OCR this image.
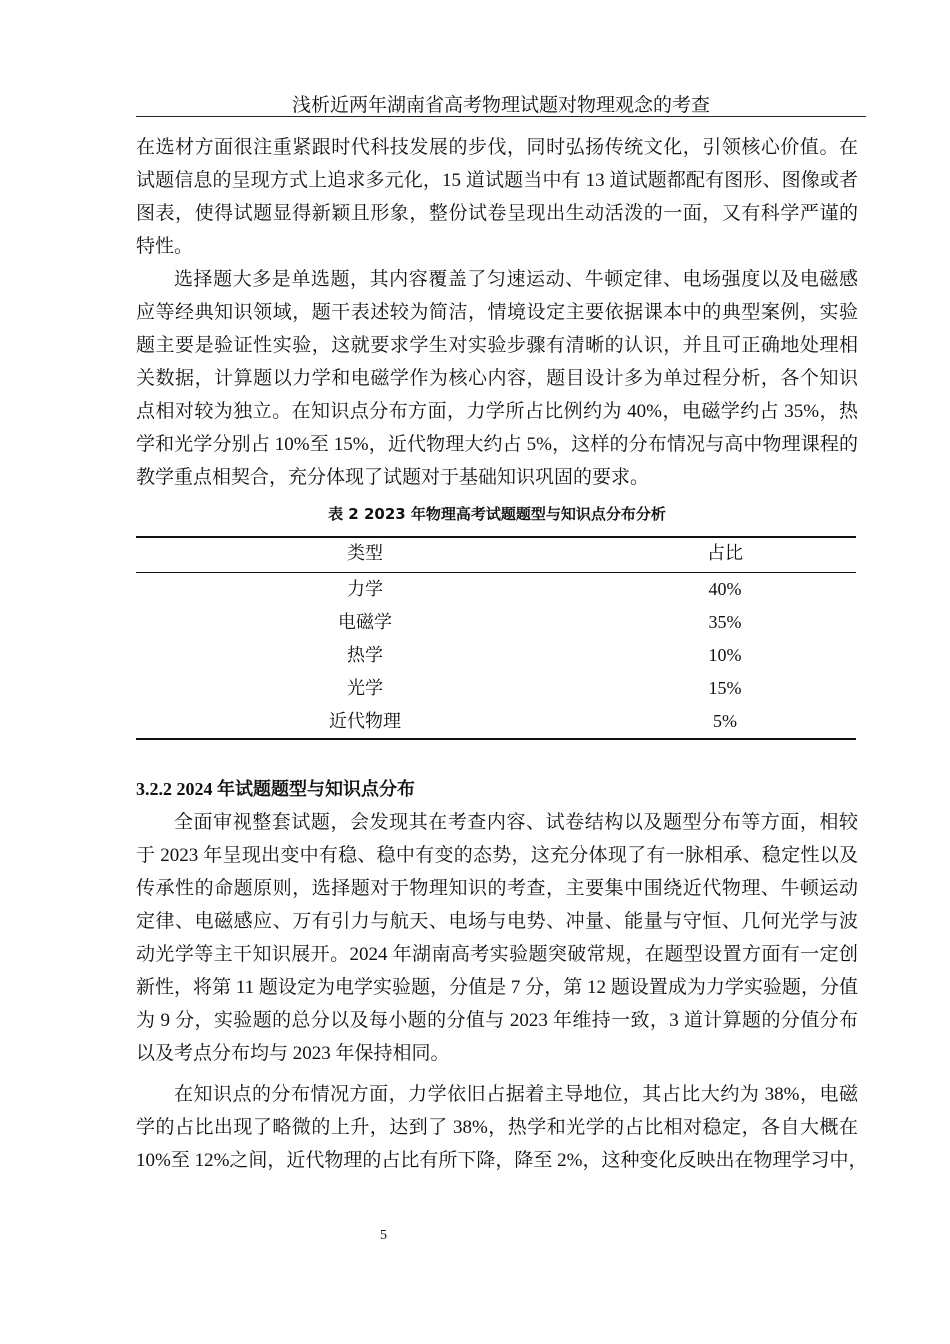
浅析近两年湖南省高考物理试题对物理观念的考查
在选材方面很注重紧跟时代科技发展的步伐，同时弘扬传统文化，引领核心价值。在
试题信息的呈现方式上追求多元化，15 道试题当中有 13 道试题都配有图形、图像或者
图表，使得试题显得新颖且形象，整份试卷呈现出生动活泼的一面，又有科学严谨的
特性。
选择题大多是单选题，其内容覆盖了匀速运动、牛顿定律、电场强度以及电磁感
应等经典知识领域，题干表述较为简洁，情境设定主要依据课本中的典型案例，实验
题主要是验证性实验，这就要求学生对实验步骤有清晰的认识，并且可正确地处理相
关数据，计算题以力学和电磁学作为核心内容，题目设计多为单过程分析，各个知识
点相对较为独立。在知识点分布方面，力学所占比例约为 40%，电磁学约占 35%，热
学和光学分别占 10%至 15%，近代物理大约占 5%，这样的分布情况与高中物理课程的
教学重点相契合，充分体现了试题对于基础知识巩固的要求。
表 2 2023 年物理高考试题题型与知识点分布分析
类型	占比
力学	40%
电磁学	35%
热学	10%
光学	15%
近代物理	5%
3.2.2 2024 年试题题型与知识点分布
全面审视整套试题，会发现其在考查内容、试卷结构以及题型分布等方面，相较
于 2023 年呈现出变中有稳、稳中有变的态势，这充分体现了有一脉相承、稳定性以及
传承性的命题原则，选择题对于物理知识的考查，主要集中围绕近代物理、牛顿运动
定律、电磁感应、万有引力与航天、电场与电势、冲量、能量与守恒、几何光学与波
动光学等主干知识展开。2024 年湖南高考实验题突破常规，在题型设置方面有一定创
新性，将第 11 题设定为电学实验题，分值是 7 分，第 12 题设置成为力学实验题，分值
为 9 分，实验题的总分以及每小题的分值与 2023 年维持一致，3 道计算题的分值分布
以及考点分布均与 2023 年保持相同。
在知识点的分布情况方面，力学依旧占据着主导地位，其占比大约为 38%，电磁
学的占比出现了略微的上升，达到了 38%，热学和光学的占比相对稳定，各自大概在
10%至 12%之间，近代物理的占比有所下降，降至 2%，这种变化反映出在物理学习中，
5
